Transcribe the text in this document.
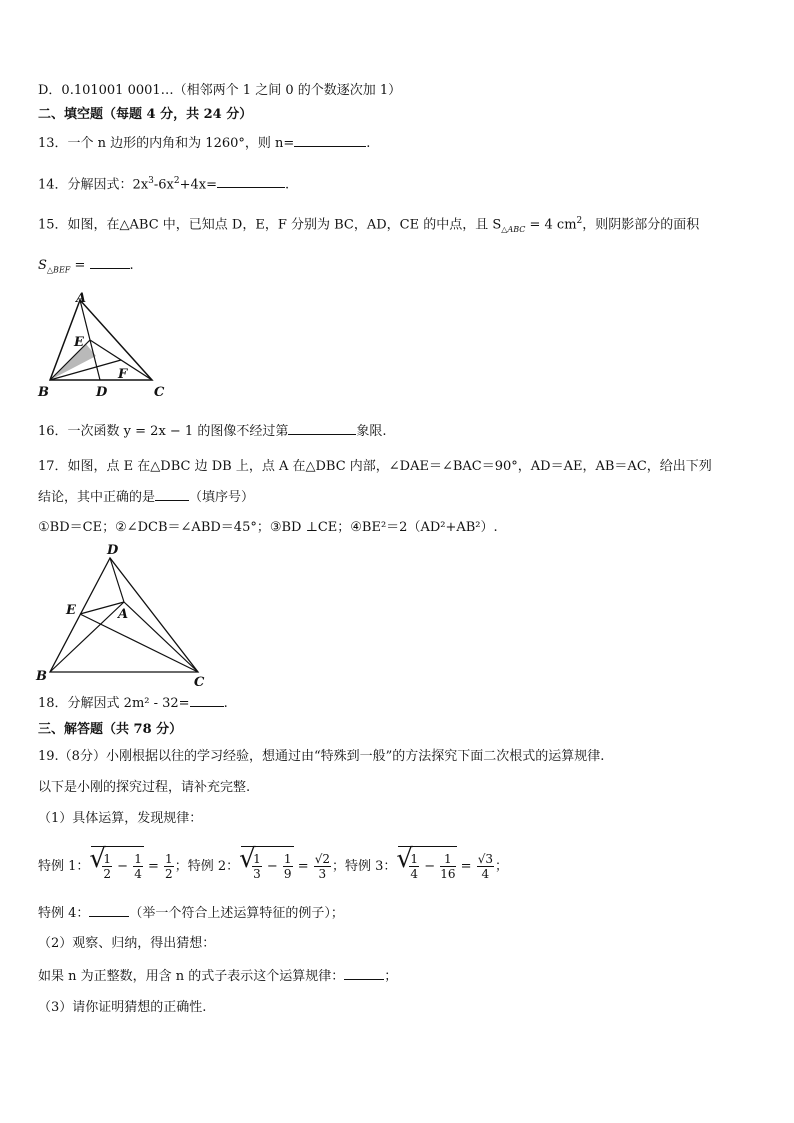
D．0.101001 0001…（相邻两个 1 之间 0 的个数逐次加 1）
二、填空题（每题 4 分，共 24 分）
13．一个 n 边形的内角和为 1260°，则 n=	.
14．分解因式：$2x^3-6x^2+4x=$	.
15．如图，在△ABC 中，已知点 D，E，F 分别为 BC，AD，CE 的中点，且 $S_{\triangle ABC} = 4$ $cm^2$，则阴影部分的面积
$S_{\triangle BEF}$ =	.
A
B	C
D
E
F
16．一次函数 y = 2x − 1 的图像不经过第	象限.
17．如图，点 E 在△DBC 边 DB 上，点 A 在△DBC 内部，∠DAE＝∠BAC＝90°，AD＝AE，AB＝AC，给出下列
结论，其中正确的是	（填序号）
①BD＝CE；②∠DCB＝∠ABD＝45°；③BD ⊥CE；④BE²＝2（AD²+AB²）.
D
E	A
B	C
18．分解因式 2m² - 32=	.
三、解答题（共 78 分）
19.（8分）小刚根据以往的学习经验，想通过由“特殊到一般”的方法探究下面二次根式的运算规律.
以下是小刚的探究过程，请补充完整.
（1）具体运算，发现规律：
特例 1： √ $\frac{1}{2} - \frac{1}{4} = \frac{1}{2}$ ；特例 2： √ $\frac{1}{3} - \frac{1}{9} = \frac{√2}{3}$ ；特例 3： √ $\frac{1}{4} - \frac{1}{16} = \frac{√3}{4}$ ；
特例 4：	（举一个符合上述运算特征的例子）；
（2）观察、归纳，得出猜想：
如果 n 为正整数，用含 n 的式子表示这个运算规律：	；
（3）请你证明猜想的正确性.
